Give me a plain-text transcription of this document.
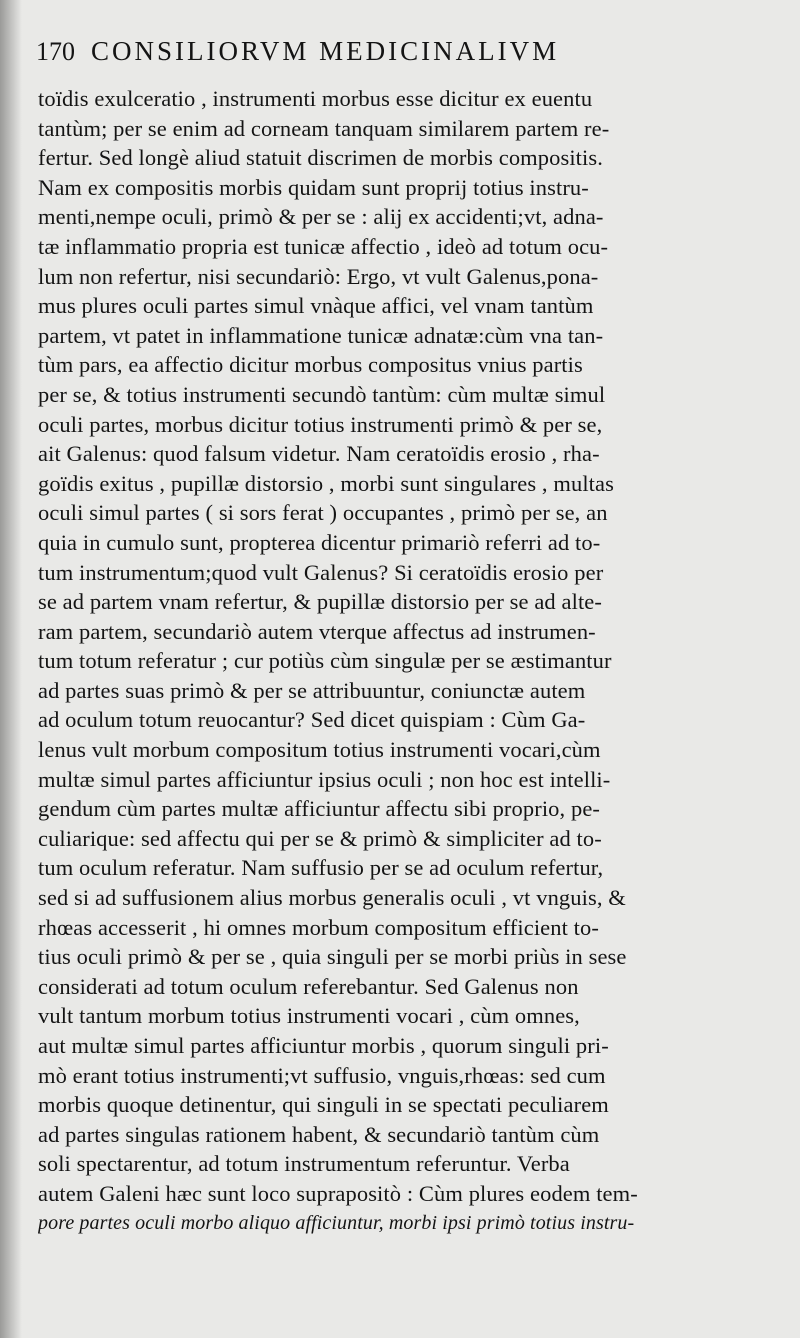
170 CONSILIORVM MEDICINALIVM
toïdis exulceratio , instrumenti morbus esse dicitur ex euentu
tantùm; per se enim ad corneam tanquam similarem partem re-
fertur. Sed longè aliud statuit discrimen de morbis compositis.
Nam ex compositis morbis quidam sunt proprij totius instru-
menti,nempe oculi, primò & per se : alij ex accidenti;vt, adna-
tæ inflammatio propria est tunicæ affectio , ideò ad totum ocu-
lum non refertur, nisi secundariò: Ergo, vt vult Galenus,pona-
mus plures oculi partes simul vnàque affici, vel vnam tantùm
partem, vt patet in inflammatione tunicæ adnatæ:cùm vna tan-
tùm pars, ea affectio dicitur morbus compositus vnius partis
per se, & totius instrumenti secundò tantùm: cùm multæ simul
oculi partes, morbus dicitur totius instrumenti primò & per se,
ait Galenus: quod falsum videtur. Nam ceratoïdis erosio , rha-
goïdis exitus , pupillæ distorsio , morbi sunt singulares , multas
oculi simul partes ( si sors ferat ) occupantes , primò per se, an
quia in cumulo sunt, propterea dicentur primariò referri ad to-
tum instrumentum;quod vult Galenus? Si ceratoïdis erosio per
se ad partem vnam refertur, & pupillæ distorsio per se ad alte-
ram partem, secundariò autem vterque affectus ad instrumen-
tum totum referatur ; cur potiùs cùm singulæ per se æstimantur
ad partes suas primò & per se attribuuntur, coniunctæ autem
ad oculum totum reuocantur? Sed dicet quispiam : Cùm Ga-
lenus vult morbum compositum totius instrumenti vocari,cùm
multæ simul partes afficiuntur ipsius oculi ; non hoc est intelli-
gendum cùm partes multæ afficiuntur affectu sibi proprio, pe-
culiarique: sed affectu qui per se & primò & simpliciter ad to-
tum oculum referatur. Nam suffusio per se ad oculum refertur,
sed si ad suffusionem alius morbus generalis oculi , vt vnguis, &
rhœas accesserit , hi omnes morbum compositum efficient to-
tius oculi primò & per se , quia singuli per se morbi priùs in sese
considerati ad totum oculum referebantur. Sed Galenus non
vult tantum morbum totius instrumenti vocari , cùm omnes,
aut multæ simul partes afficiuntur morbis , quorum singuli pri-
mò erant totius instrumenti;vt suffusio, vnguis,rhœas: sed cum
morbis quoque detinentur, qui singuli in se spectati peculiarem
ad partes singulas rationem habent, & secundariò tantùm cùm
soli spectarentur, ad totum instrumentum referuntur. Verba
autem Galeni hæc sunt loco suprapositò : Cùm plures eodem tem-
pore partes oculi morbo aliquo afficiuntur, morbi ipsi primò totius instru-
